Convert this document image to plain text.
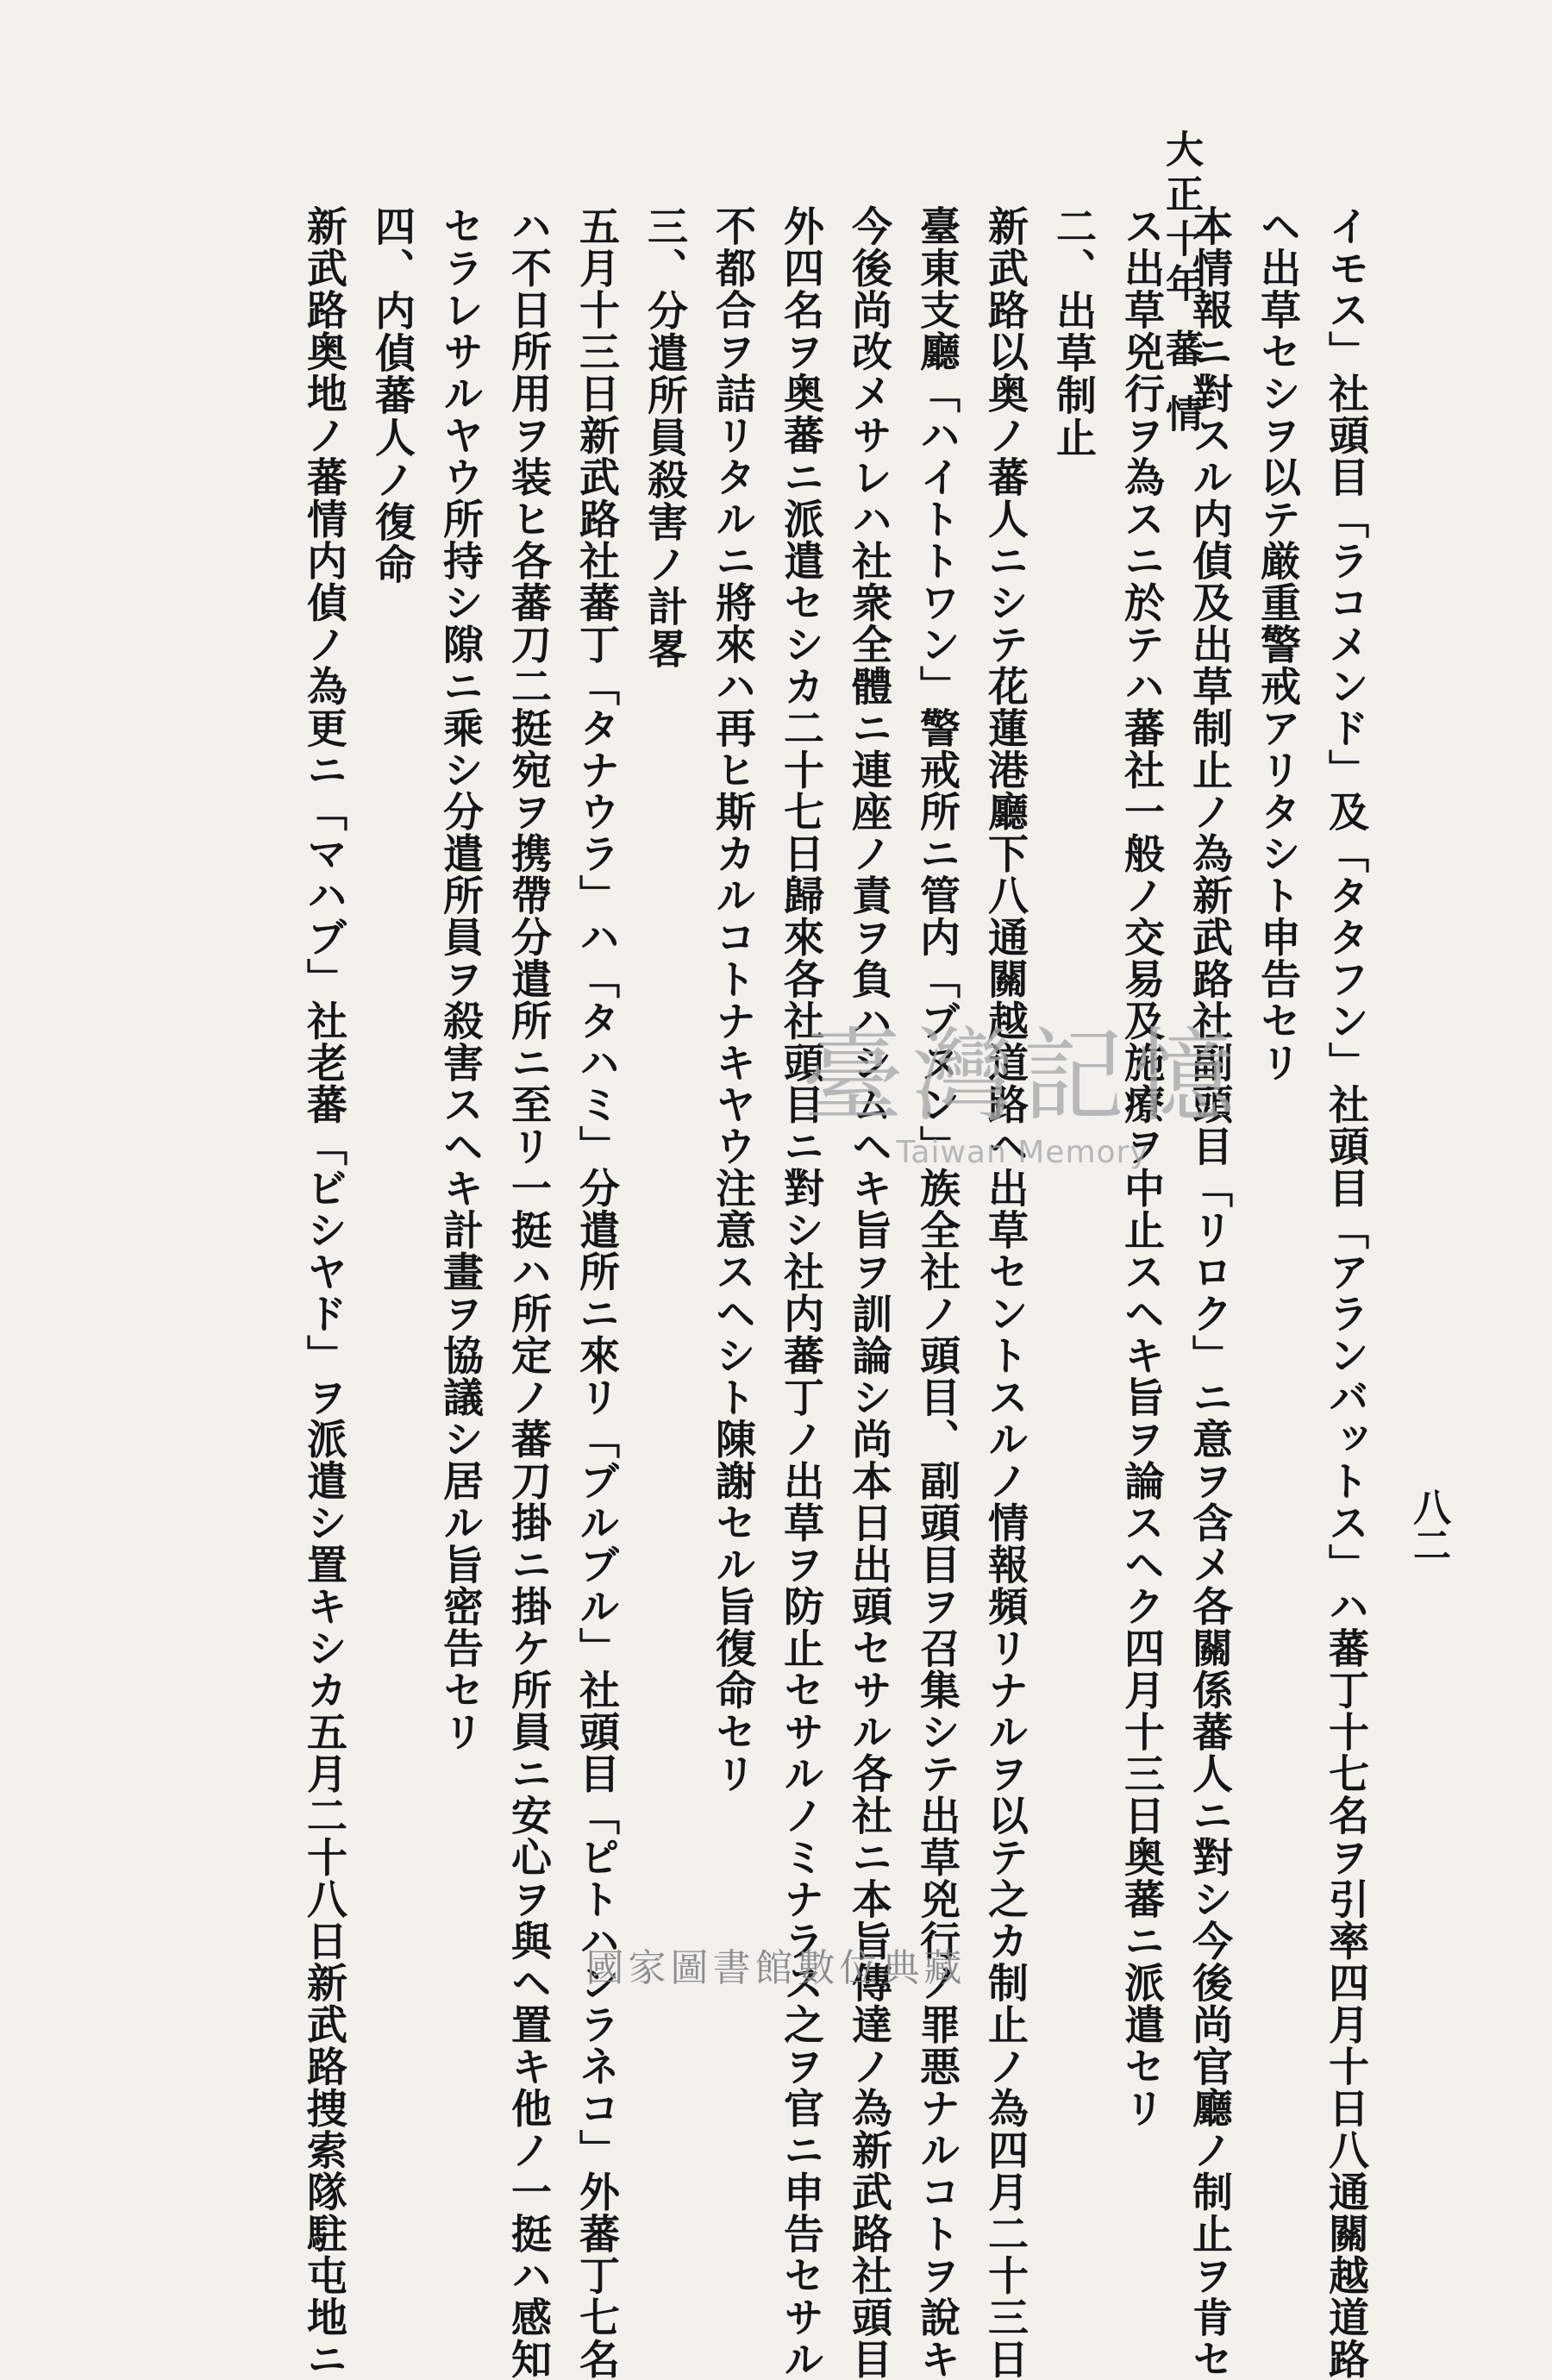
大正十年 蕃 情
八二
イモス」社頭目「ラコメンド」及「タタフン」社頭目「アランバットス」ハ蕃丁十七名ヲ引率四月十日八通關越道路
ヘ出草セシヲ以テ厳重警戒アリタシト申告セリ
本情報ニ對スル内偵及出草制止ノ為新武路社副頭目「リロク」ニ意ヲ含メ各關係蕃人ニ對シ今後尚官廳ノ制止ヲ肯セ
ス出草兇行ヲ為スニ於テハ蕃社一般ノ交易及施療ヲ中止スヘキ旨ヲ論スヘク四月十三日奥蕃ニ派遣セリ
二、出草制止
新武路以奥ノ蕃人ニシテ花蓮港廳下八通關越道路ヘ出草セントスルノ情報頻リナルヲ以テ之カ制止ノ為四月二十三日
臺東支廳「ハイトトワン」警戒所ニ管内「ブヌン」族全社ノ頭目、副頭目ヲ召集シテ出草兇行ノ罪悪ナルコトヲ說キ
今後尚改メサレハ社衆全體ニ連座ノ責ヲ負ハシムヘキ旨ヲ訓論シ尚本日出頭セサル各社ニ本旨傳達ノ為新武路社頭目
外四名ヲ奥蕃ニ派遣セシカ二十七日歸來各社頭目ニ對シ社内蕃丁ノ出草ヲ防止セサルノミナラス之ヲ官ニ申告セサル
不都合ヲ詰リタルニ將來ハ再ヒ斯カルコトナキヤウ注意スヘシト陳謝セル旨復命セリ
三、分遣所員殺害ノ計畧
五月十三日新武路社蕃丁「タナウラ」ハ「タハミ」分遣所ニ來リ「ブルブル」社頭目「ピトハンラネコ」外蕃丁七名
ハ不日所用ヲ装ヒ各蕃刀二挺宛ヲ携帶分遣所ニ至リ一挺ハ所定ノ蕃刀掛ニ掛ケ所員ニ安心ヲ與ヘ置キ他ノ一挺ハ感知
セラレサルヤウ所持シ隙ニ乘シ分遣所員ヲ殺害スヘキ計畫ヲ協議シ居ル旨密告セリ
四、内偵蕃人ノ復命
新武路奥地ノ蕃情内偵ノ為更ニ「マハブ」社老蕃「ビシヤド」ヲ派遣シ置キシカ五月二十八日新武路捜索隊駐屯地ニ	臺灣記憶
Taiwan Memory
國家圖書館數位典藏
